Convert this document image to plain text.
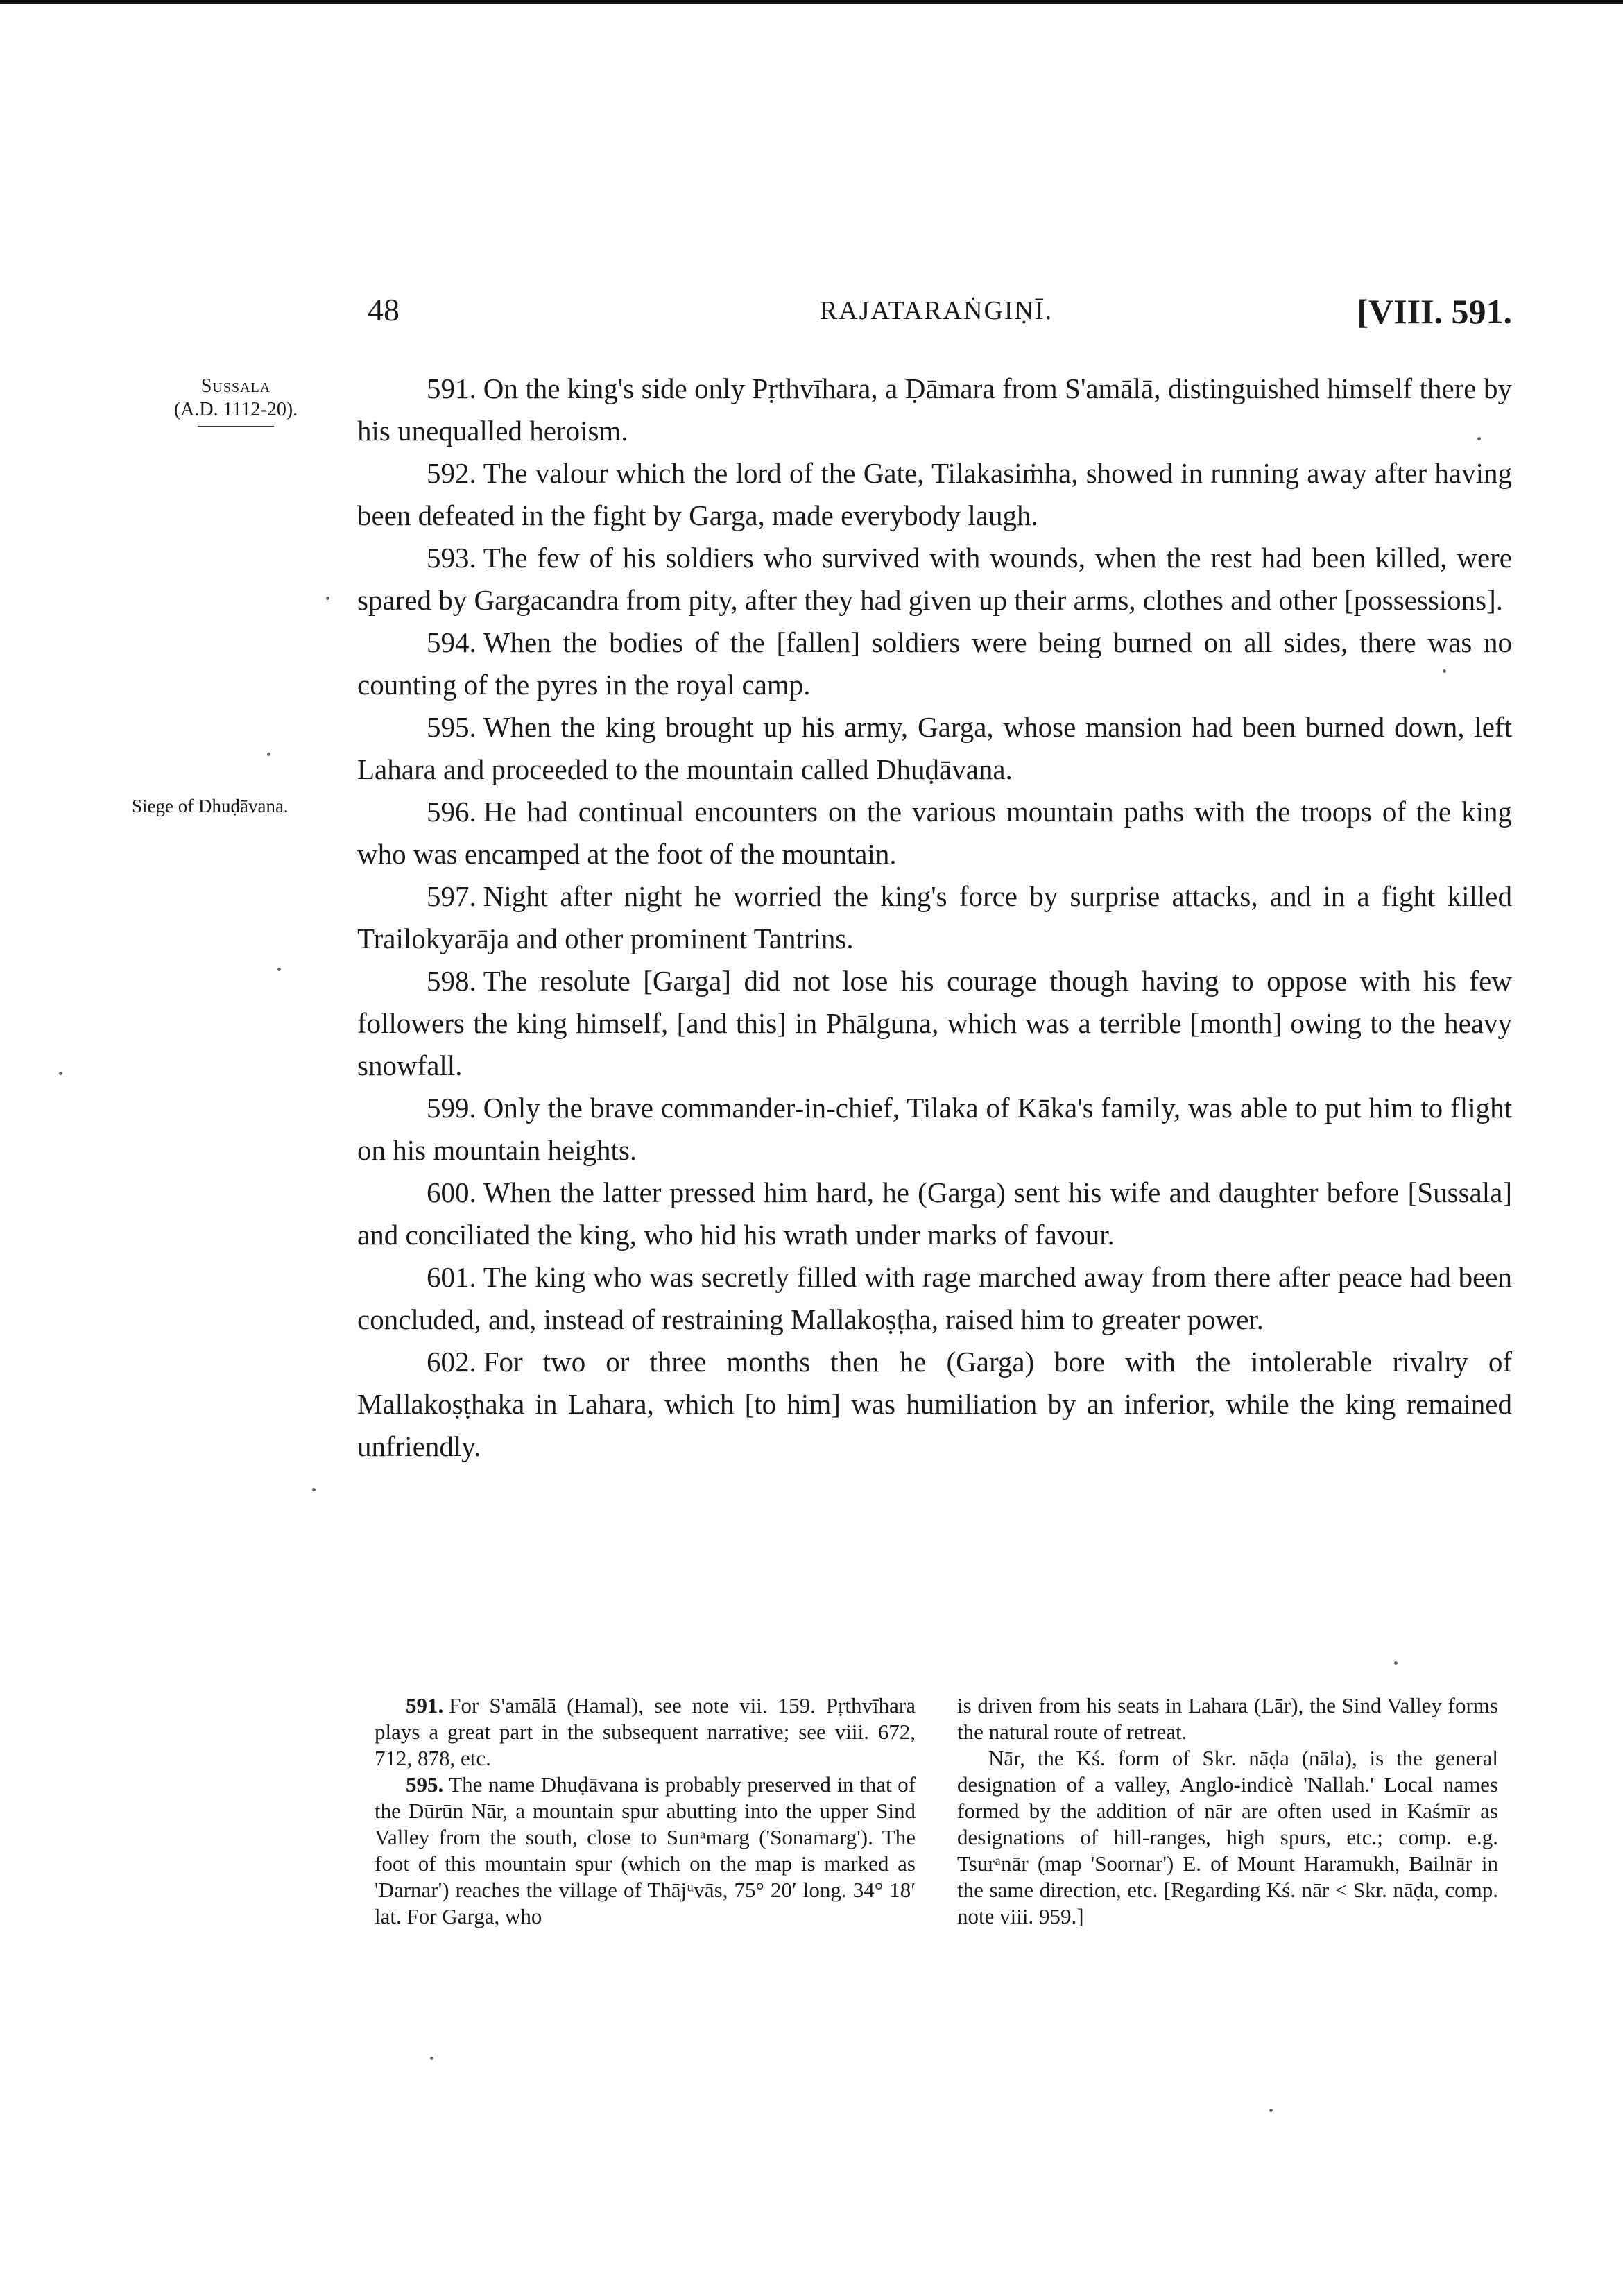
48	RAJATARAṄGIṆĪ.	[VIII. 591.
Sussala
(A.D. 1112-20).
Siege of Dhuḍāvana.

591. On the king's side only Pṛthvīhara, a Ḍāmara from S'amālā, distinguished himself there by his unequalled heroism.

592. The valour which the lord of the Gate, Tilakasiṁha, showed in running away after having been defeated in the fight by Garga, made everybody laugh.

593. The few of his soldiers who survived with wounds, when the rest had been killed, were spared by Gargacandra from pity, after they had given up their arms, clothes and other [possessions].

594. When the bodies of the [fallen] soldiers were being burned on all sides, there was no counting of the pyres in the royal camp.

595. When the king brought up his army, Garga, whose mansion had been burned down, left Lahara and proceeded to the mountain called Dhuḍāvana.

596. He had continual encounters on the various mountain paths with the troops of the king who was encamped at the foot of the mountain.

597. Night after night he worried the king's force by surprise attacks, and in a fight killed Trailokyarāja and other prominent Tantrins.

598. The resolute [Garga] did not lose his courage though having to oppose with his few followers the king himself, [and this] in Phālguna, which was a terrible [month] owing to the heavy snowfall.

599. Only the brave commander-in-chief, Tilaka of Kāka's family, was able to put him to flight on his mountain heights.

600. When the latter pressed him hard, he (Garga) sent his wife and daughter before [Sussala] and conciliated the king, who hid his wrath under marks of favour.

601. The king who was secretly filled with rage marched away from there after peace had been concluded, and, instead of restraining Mallakoṣṭha, raised him to greater power.

602. For two or three months then he (Garga) bore with the intolerable rivalry of Mallakoṣṭhaka in Lahara, which [to him] was humiliation by an inferior, while the king remained unfriendly.

591. For S'amālā (Hamal), see note vii. 159. Pṛthvīhara plays a great part in the subsequent narrative; see viii. 672, 712, 878, etc.

595. The name Dhuḍāvana is probably preserved in that of the Dūrūn Nār, a mountain spur abutting into the upper Sind Valley from the south, close to Sunᵃmarg ('Sonamarg'). The foot of this mountain spur (which on the map is marked as 'Darnar') reaches the village of Thājᵘvās, 75° 20′ long. 34° 18′ lat. For Garga, who

is driven from his seats in Lahara (Lār), the Sind Valley forms the natural route of retreat.

Nār, the Kś. form of Skr. nāḍa (nāla), is the general designation of a valley, Anglo-indicè 'Nallah.' Local names formed by the addition of nār are often used in Kaśmīr as designations of hill-ranges, high spurs, etc.; comp. e.g. Tsurᵃnār (map 'Soornar') E. of Mount Haramukh, Bailnār in the same direction, etc. [Regarding Kś. nār < Skr. nāḍa, comp. note viii. 959.]
